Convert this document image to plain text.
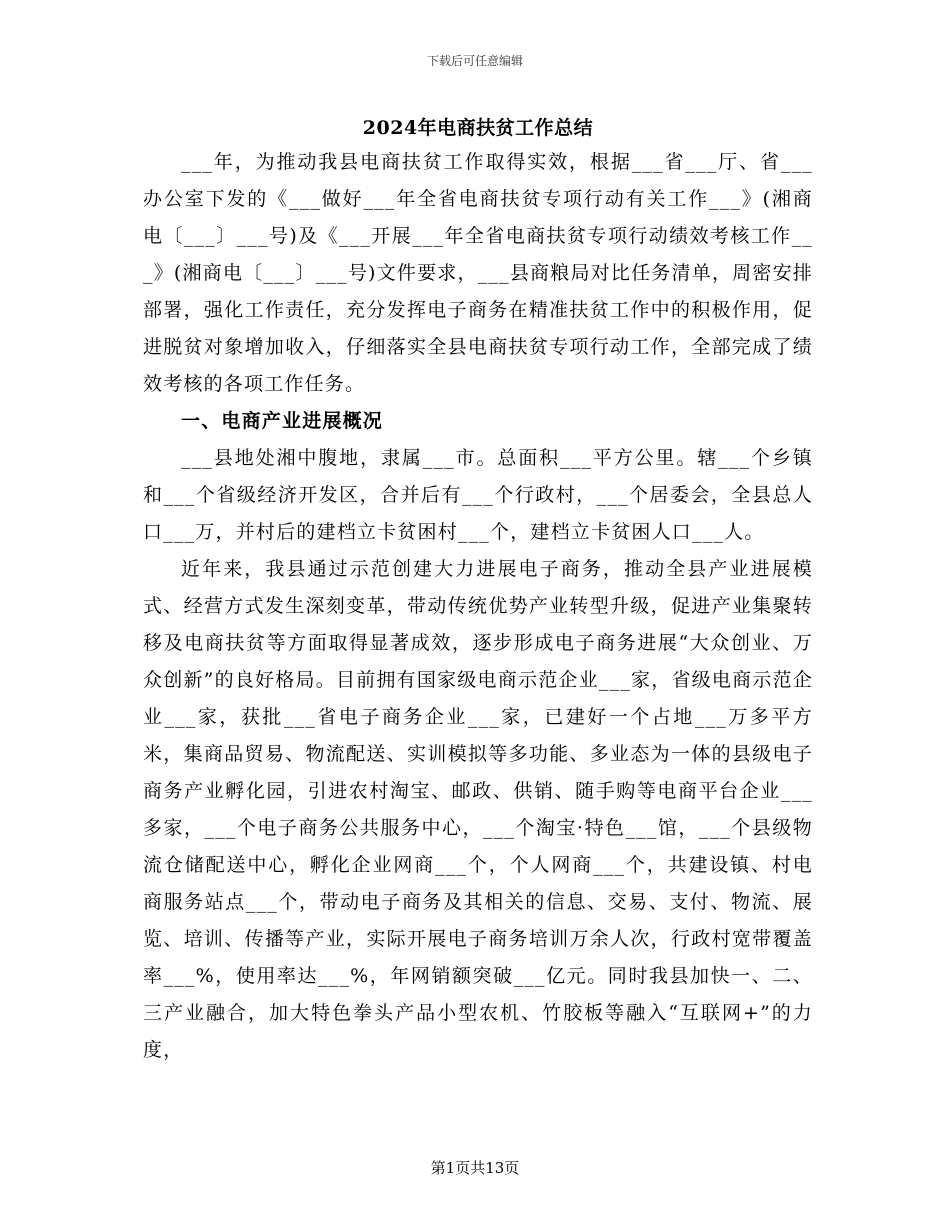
下载后可任意编辑
2024年电商扶贫工作总结

___年，为推动我县电商扶贫工作取得实效，根据___省___厅、省___办公室下发的《___做好___年全省电商扶贫专项行动有关工作___》(湘商电〔___〕___号)及《___开展___年全省电商扶贫专项行动绩效考核工作___》(湘商电〔___〕___号)文件要求，___县商粮局对比任务清单，周密安排部署，强化工作责任，充分发挥电子商务在精准扶贫工作中的积极作用，促进脱贫对象增加收入，仔细落实全县电商扶贫专项行动工作，全部完成了绩效考核的各项工作任务。

一、电商产业进展概况

___县地处湘中腹地，隶属___市。总面积___平方公里。辖___个乡镇和___个省级经济开发区，合并后有___个行政村，___个居委会，全县总人口___万，并村后的建档立卡贫困村___个，建档立卡贫困人口___人。

近年来，我县通过示范创建大力进展电子商务，推动全县产业进展模式、经营方式发生深刻变革，带动传统优势产业转型升级，促进产业集聚转移及电商扶贫等方面取得显著成效，逐步形成电子商务进展“大众创业、万众创新”的良好格局。目前拥有国家级电商示范企业___家，省级电商示范企业___家，获批___省电子商务企业___家，已建好一个占地___万多平方米，集商品贸易、物流配送、实训模拟等多功能、多业态为一体的县级电子商务产业孵化园，引进农村淘宝、邮政、供销、随手购等电商平台企业___多家，___个电子商务公共服务中心，___个淘宝·特色___馆，___个县级物流仓储配送中心，孵化企业网商___个，个人网商___个，共建设镇、村电商服务站点___个，带动电子商务及其相关的信息、交易、支付、物流、展览、培训、传播等产业，实际开展电子商务培训万余人次，行政村宽带覆盖率___%，使用率达___%，年网销额突破___亿元。同时我县加快一、二、三产业融合，加大特色拳头产品小型农机、竹胶板等融入“互联网+”的力度，

第1页共13页
